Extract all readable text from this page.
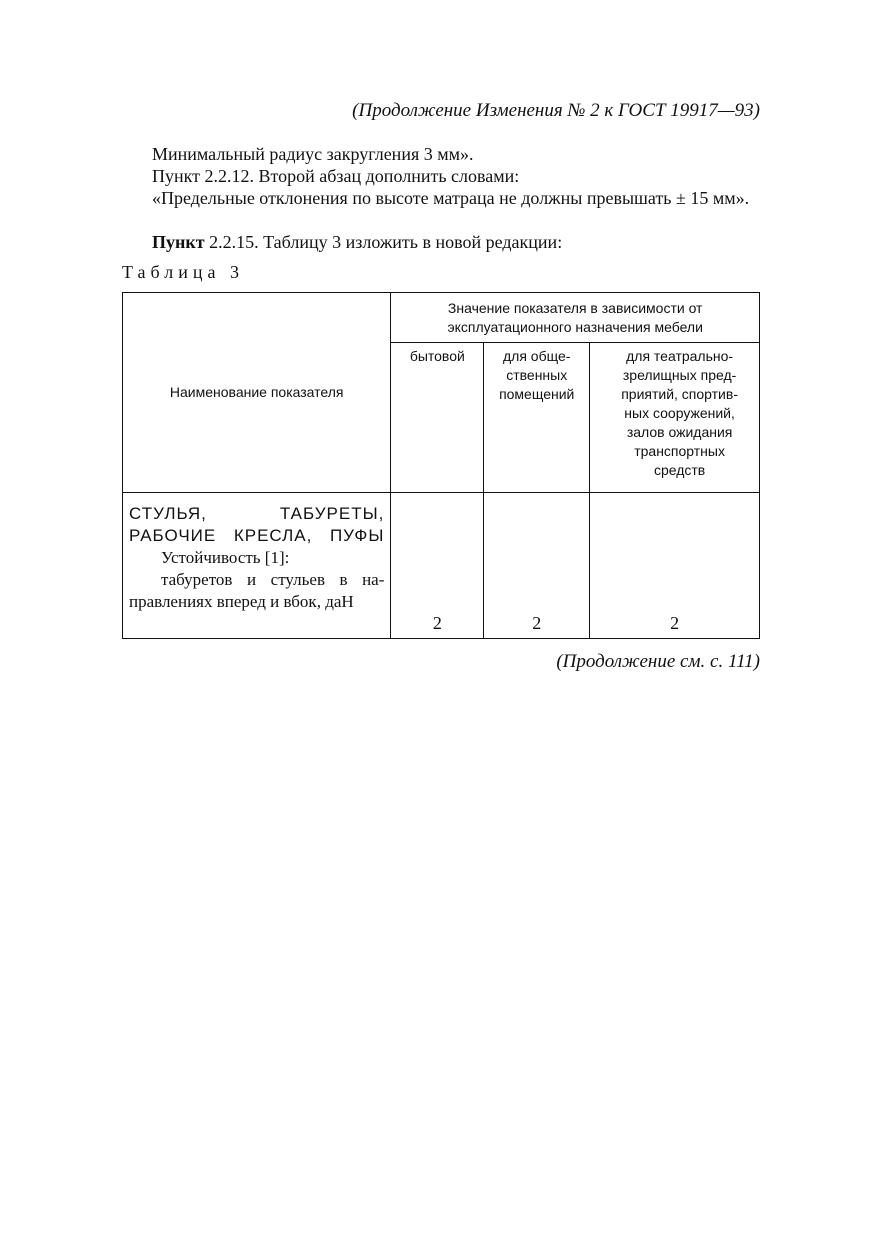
(Продолжение Изменения № 2 к ГОСТ 19917—93)
Минимальный радиус закругления 3 мм».
Пункт 2.2.12. Второй абзац дополнить словами:
«Предельные отклонения по высоте матраца не должны превышать ± 15 мм».
Пункт 2.2.15. Таблицу 3 изложить в новой редакции:
Таблица 3
Наименование показателя	Значение показателя в зависимости от эксплуатационного назначения мебели		
	бытовой	для обще-ственных помещений	для театрально-зрелищных пред-приятий, спортив-ных сооружений, залов ожидания транспортных средств

СТУЛЬЯ, ТАБУРЕТЫ, РАБОЧИЕ КРЕСЛА, ПУФЫ
Устойчивость [1]:
табуретов и стульев в на-правлениях вперед и вбок, даН	2	2	2
(Продолжение см. с. 111)
